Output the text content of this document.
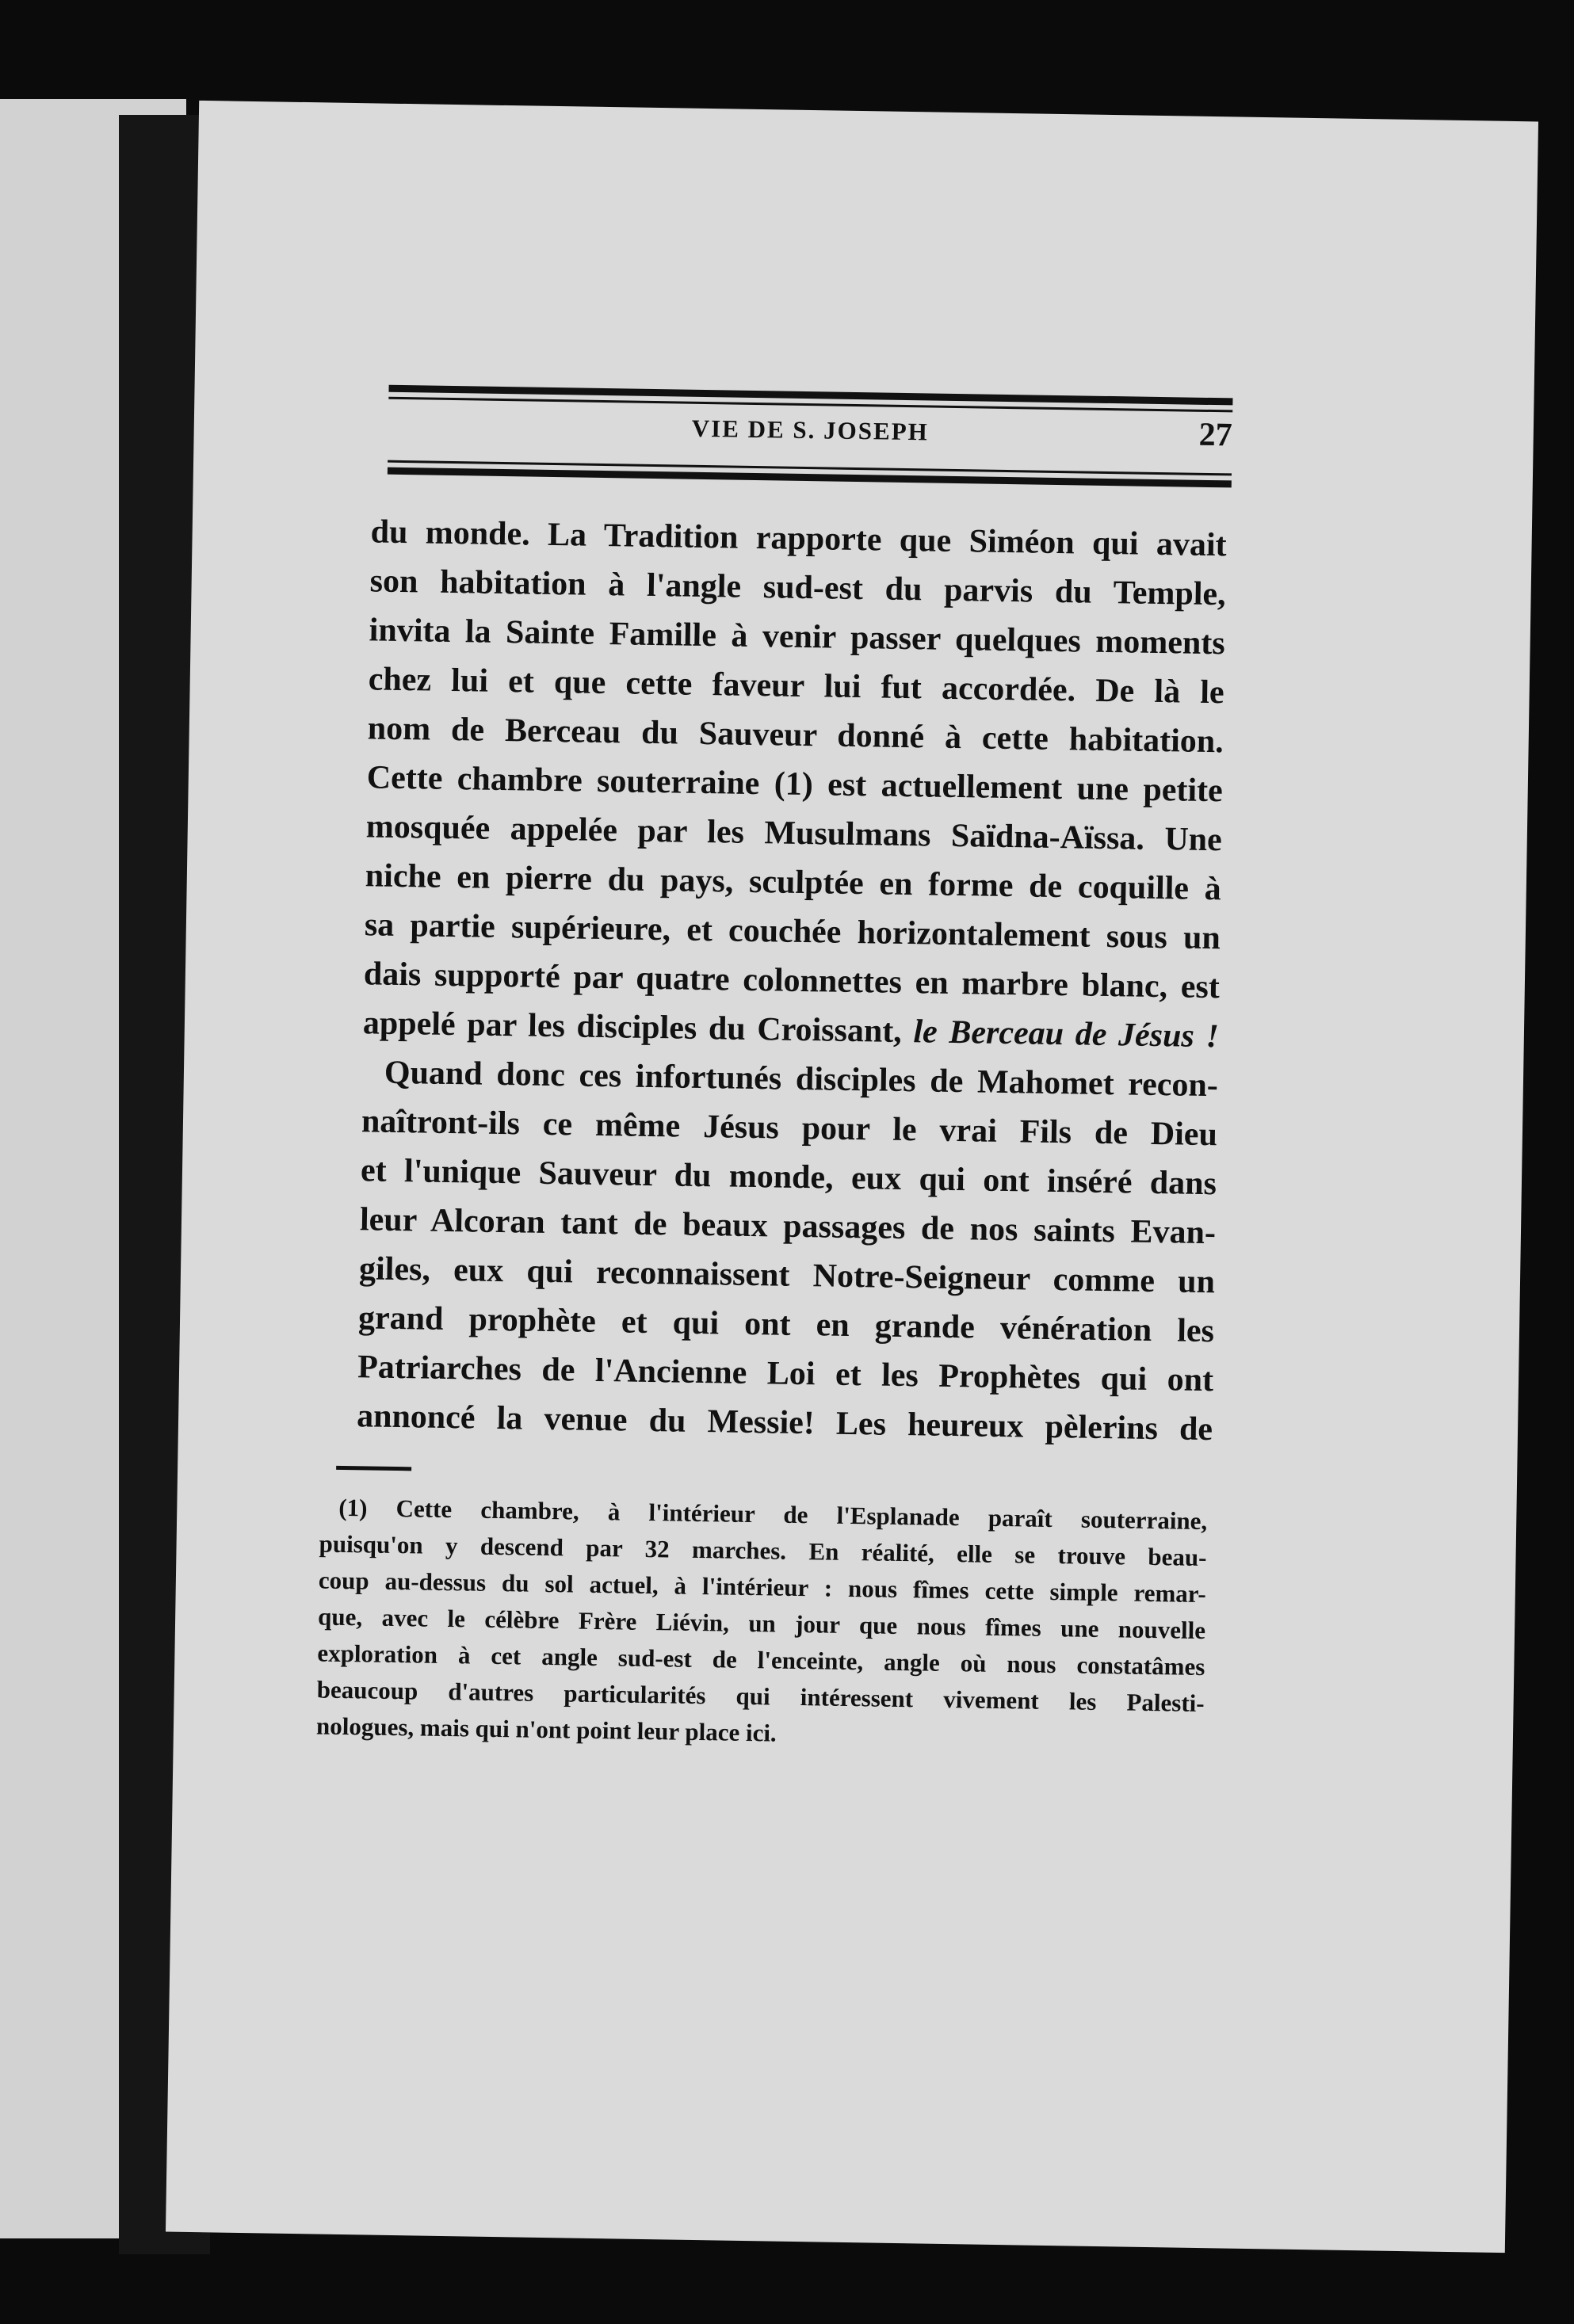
VIE DE S. JOSEPH	27
du monde. La Tradition rapporte que Siméon qui avait
son habitation à l'angle sud-est du parvis du Temple,
invita la Sainte Famille à venir passer quelques moments
chez lui et que cette faveur lui fut accordée. De là le
nom de Berceau du Sauveur donné à cette habitation.
Cette chambre souterraine (1) est actuellement une petite
mosquée appelée par les Musulmans Saïdna-Aïssa. Une
niche en pierre du pays, sculptée en forme de coquille à
sa partie supérieure, et couchée horizontalement sous un
dais supporté par quatre colonnettes en marbre blanc, est
appelé par les disciples du Croissant, le Berceau de Jésus !
Quand donc ces infortunés disciples de Mahomet recon-
naîtront-ils ce même Jésus pour le vrai Fils de Dieu
et l'unique Sauveur du monde, eux qui ont inséré dans
leur Alcoran tant de beaux passages de nos saints Evan-
giles, eux qui reconnaissent Notre-Seigneur comme un
grand prophète et qui ont en grande vénération les
Patriarches de l'Ancienne Loi et les Prophètes qui ont
annoncé la venue du Messie! Les heureux pèlerins de
(1) Cette chambre, à l'intérieur de l'Esplanade paraît souterraine,
puisqu'on y descend par 32 marches. En réalité, elle se trouve beau-
coup au-dessus du sol actuel, à l'intérieur : nous fîmes cette simple remar-
que, avec le célèbre Frère Liévin, un jour que nous fîmes une nouvelle
exploration à cet angle sud-est de l'enceinte, angle où nous constatâmes
beaucoup d'autres particularités qui intéressent vivement les Palesti-
nologues, mais qui n'ont point leur place ici.
